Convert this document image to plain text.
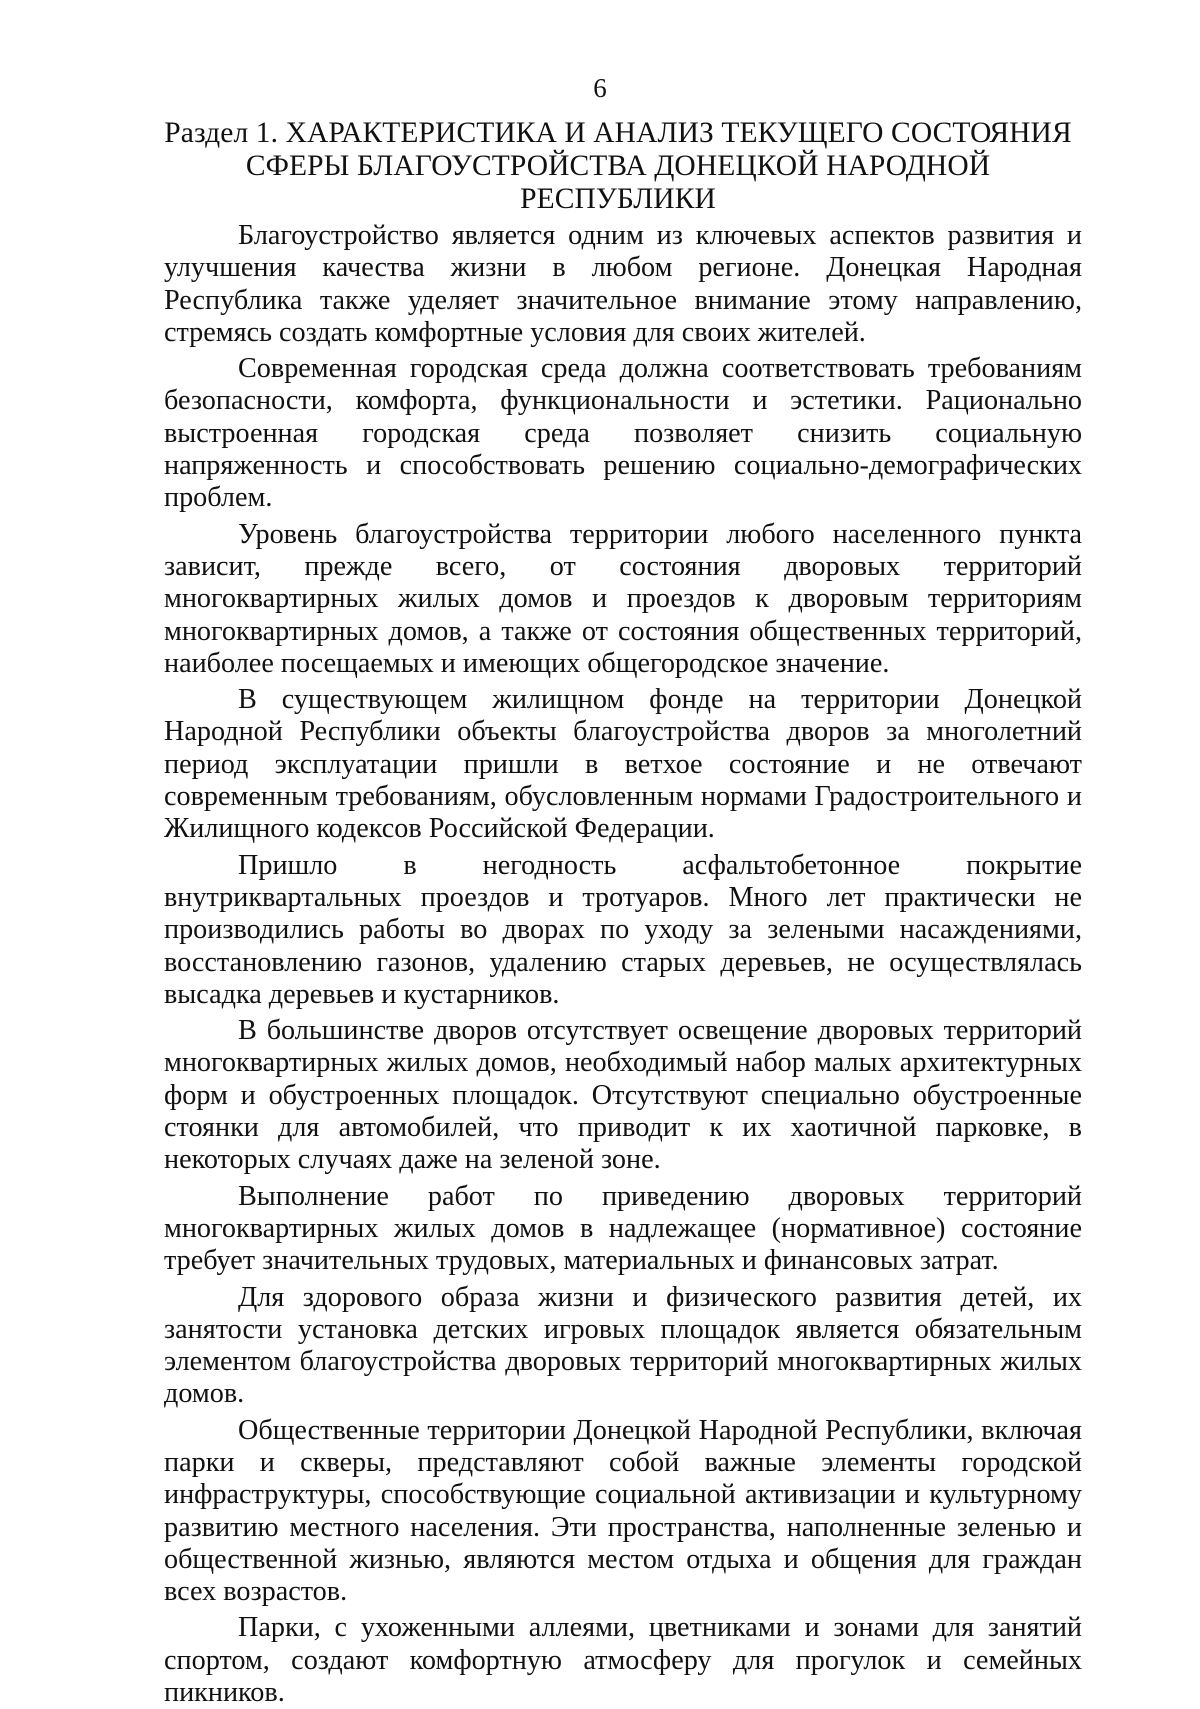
6
Раздел 1. ХАРАКТЕРИСТИКА И АНАЛИЗ ТЕКУЩЕГО СОСТОЯНИЯ
СФЕРЫ БЛАГОУСТРОЙСТВА ДОНЕЦКОЙ НАРОДНОЙ РЕСПУБЛИКИ

Благоустройство является одним из ключевых аспектов развития и улучшения качества жизни в любом регионе. Донецкая Народная Республика также уделяет значительное внимание этому направлению, стремясь создать комфортные условия для своих жителей.

Современная городская среда должна соответствовать требованиям безопасности, комфорта, функциональности и эстетики. Рационально выстроенная городская среда позволяет снизить социальную напряженность и способствовать решению социально-демографических проблем.

Уровень благоустройства территории любого населенного пункта зависит, прежде всего, от состояния дворовых территорий многоквартирных жилых домов и проездов к дворовым территориям многоквартирных домов, а также от состояния общественных территорий, наиболее посещаемых и имеющих общегородское значение.

В существующем жилищном фонде на территории Донецкой Народной Республики объекты благоустройства дворов за многолетний период эксплуатации пришли в ветхое состояние и не отвечают современным требованиям, обусловленным нормами Градостроительного и Жилищного кодексов Российской Федерации.

Пришло в негодность асфальтобетонное покрытие внутриквартальных проездов и тротуаров. Много лет практически не производились работы во дворах по уходу за зелеными насаждениями, восстановлению газонов, удалению старых деревьев, не осуществлялась высадка деревьев и кустарников.

В большинстве дворов отсутствует освещение дворовых территорий многоквартирных жилых домов, необходимый набор малых архитектурных форм и обустроенных площадок. Отсутствуют специально обустроенные стоянки для автомобилей, что приводит к их хаотичной парковке, в некоторых случаях даже на зеленой зоне.

Выполнение работ по приведению дворовых территорий многоквартирных жилых домов в надлежащее (нормативное) состояние требует значительных трудовых, материальных и финансовых затрат.

Для здорового образа жизни и физического развития детей, их занятости установка детских игровых площадок является обязательным элементом благоустройства дворовых территорий многоквартирных жилых домов.

Общественные территории Донецкой Народной Республики, включая парки и скверы, представляют собой важные элементы городской инфраструктуры, способствующие социальной активизации и культурному развитию местного населения. Эти пространства, наполненные зеленью и общественной жизнью, являются местом отдыха и общения для граждан всех возрастов.

Парки, с ухоженными аллеями, цветниками и зонами для занятий спортом, создают комфортную атмосферу для прогулок и семейных пикников.
